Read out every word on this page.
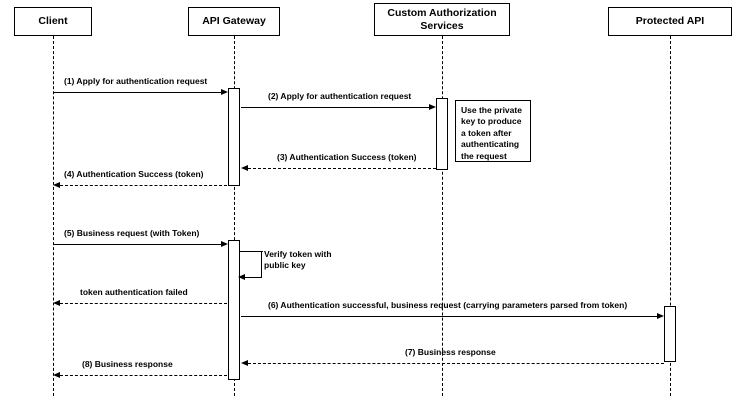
Client	API Gateway
Custom Authorization Services	Protected API
Use the private key to produce a token after authenticating the request
Verify token with public key
(1) Apply for authentication request
(2) Apply for authentication request
(3) Authentication Success (token)
(4) Authentication Success (token)
(5) Business request (with Token)
token authentication failed
(6) Authentication successful, business request (carrying parameters parsed from token)
(7) Business response
(8) Business response
